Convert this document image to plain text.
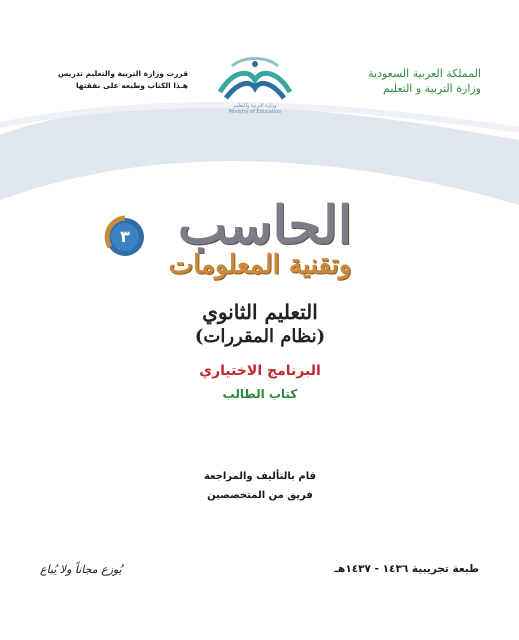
المملكة العربية السعودية
وزارة التربية و التعليم
قررت وزارة التربية والتعليم تدريس
هـذا الكتاب وطبعه على نفقتها
وزارة التربية والتعليم
Ministry of Education
الحاسب
وتقنية المعلومات
٣
التعليم الثانوي
(نظام المقررات)
البرنامج الاختياري
كتاب الطالب
قام بالتأليف والمراجعة
فريق من المتخصصين
طبعة تجريبية ١٤٣٦ - ١٤٣٧هـ
يُوزع مجاناً ولا يُباع
